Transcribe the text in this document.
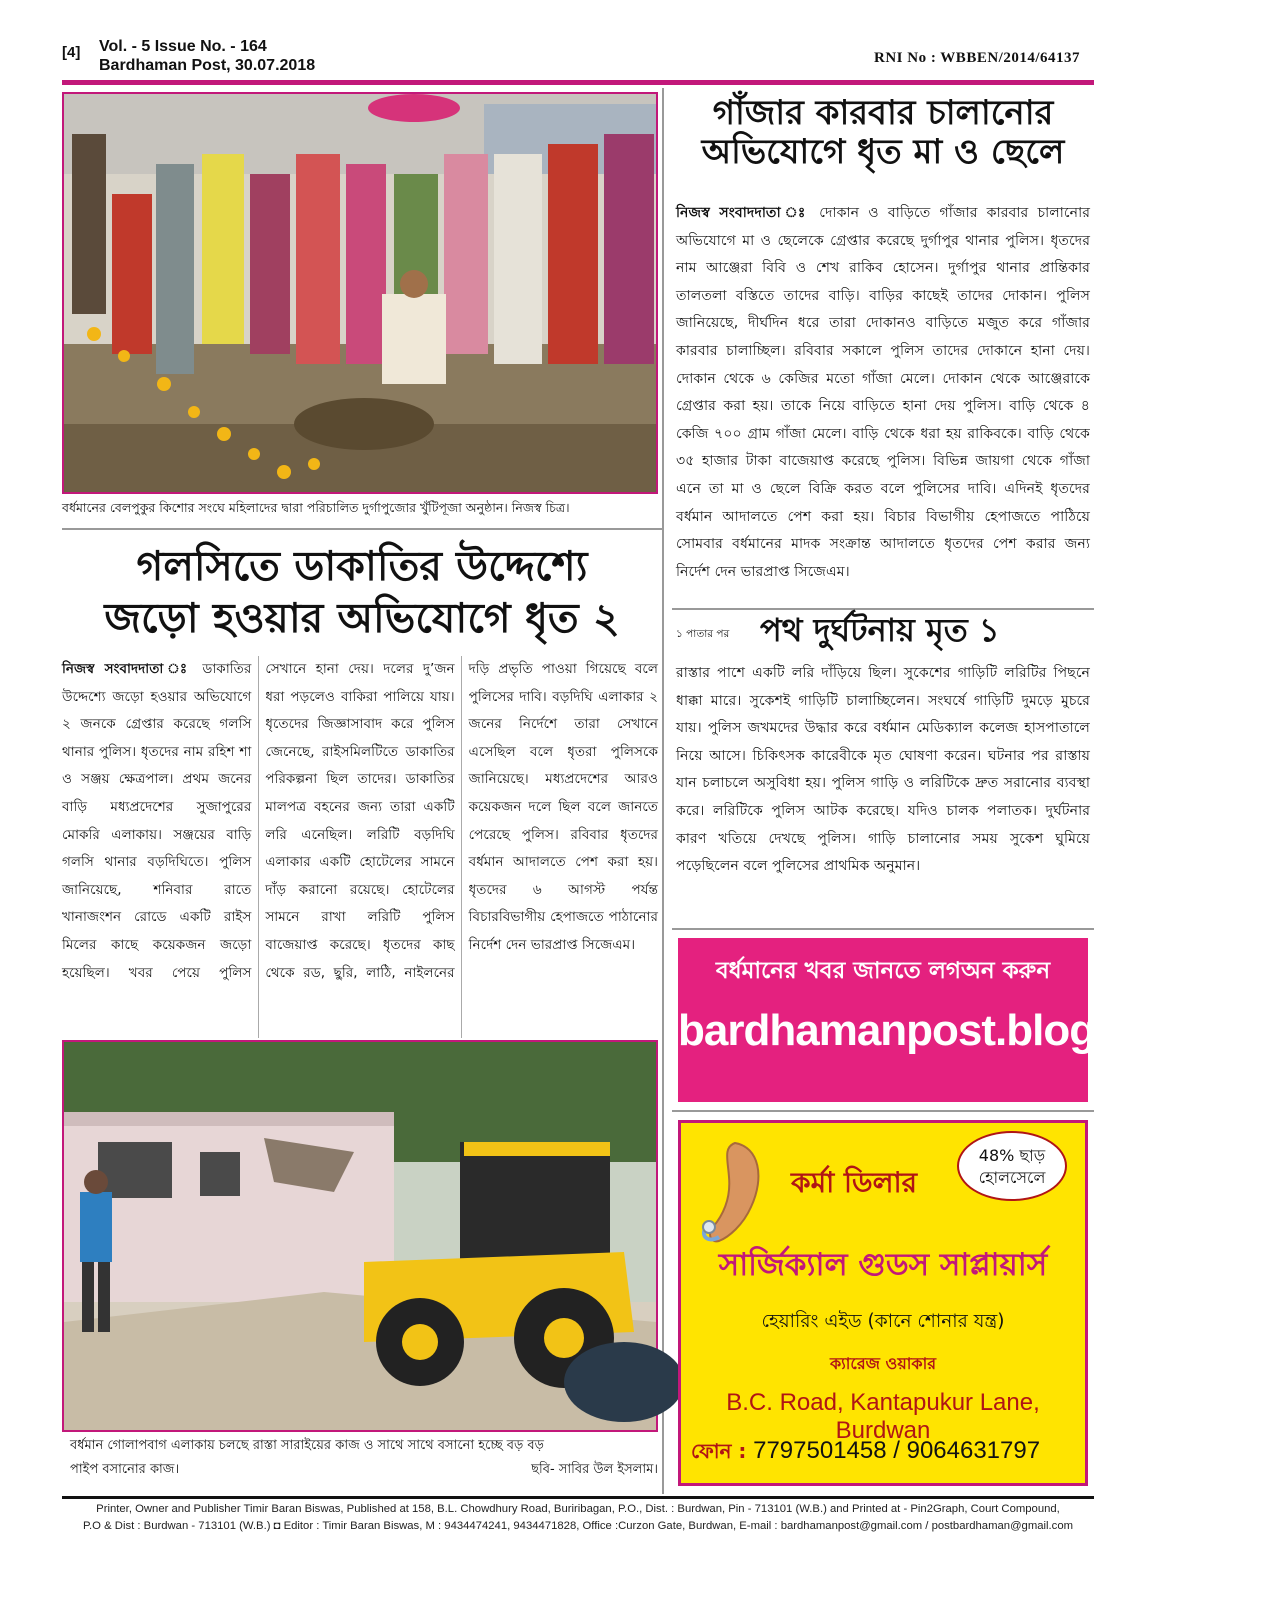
[4] Vol. - 5 Issue No. - 164
Bardhaman Post, 30.07.2018	RNI No : WBBEN/2014/64137
বর্ধমানের বেলপুকুর কিশোর সংঘে মহিলাদের দ্বারা পরিচালিত দুর্গাপুজোর খুঁটিপূজা অনুষ্ঠান। নিজস্ব চিত্র।
গাঁজার কারবার চালানোর
অভিযোগে ধৃত মা ও ছেলে
নিজস্ব সংবাদদাতা ঃ দোকান ও বাড়িতে গাঁজার কারবার চালানোর অভিযোগে মা ও ছেলেকে গ্রেপ্তার করেছে দুর্গাপুর থানার পুলিস। ধৃতদের নাম আঞ্জেরা বিবি ও শেখ রাকিব হোসেন। দুর্গাপুর থানার প্রান্তিকার তালতলা বস্তিতে তাদের বাড়ি। বাড়ির কাছেই তাদের দোকান। পুলিস জানিয়েছে, দীর্ঘদিন ধরে তারা দোকানও বাড়িতে মজুত করে গাঁজার কারবার চালাচ্ছিল। রবিবার সকালে পুলিস তাদের দোকানে হানা দেয়। দোকান থেকে ৬ কেজির মতো গাঁজা মেলে। দোকান থেকে আঞ্জেরাকে গ্রেপ্তার করা হয়। তাকে নিয়ে বাড়িতে হানা দেয় পুলিস। বাড়ি থেকে ৪ কেজি ৭০০ গ্রাম গাঁজা মেলে। বাড়ি থেকে ধরা হয় রাকিবকে। বাড়ি থেকে ৩৫ হাজার টাকা বাজেয়াপ্ত করেছে পুলিস। বিভিন্ন জায়গা থেকে গাঁজা এনে তা মা ও ছেলে বিক্রি করত বলে পুলিসের দাবি। এদিনই ধৃতদের বর্ধমান আদালতে পেশ করা হয়। বিচার বিভাগীয় হেপাজতে পাঠিয়ে সোমবার বর্ধমানের মাদক সংক্রান্ত আদালতে ধৃতদের পেশ করার জন্য নির্দেশ দেন ভারপ্রাপ্ত সিজেএম।
গলসিতে ডাকাতির উদ্দেশ্যে
জড়ো হওয়ার অভিযোগে ধৃত ২
নিজস্ব সংবাদদাতা ঃ ডাকাতির উদ্দেশ্যে জড়ো হওয়ার অভিযোগে ২ জনকে গ্রেপ্তার করেছে গলসি থানার পুলিস। ধৃতদের নাম রহিশ শা ও সঞ্জয় ক্ষেত্রপাল। প্রথম জনের বাড়ি মধ্যপ্রদেশের সুজাপুরের মোকরি এলাকায়। সঞ্জয়ের বাড়ি গলসি থানার বড়দিঘিতে। পুলিস জানিয়েছে, শনিবার রাতে খানাজংশন রোডে একটি রাইস মিলের কাছে কয়েকজন জড়ো হয়েছিল। খবর পেয়ে পুলিস সেখানে হানা দেয়। দলের দু’জন ধরা পড়লেও বাকিরা পালিয়ে যায়। ধৃতেদের জিজ্ঞাসাবাদ করে পুলিস জেনেছে, রাইসমিলটিতে ডাকাতির পরিকল্পনা ছিল তাদের। ডাকাতির মালপত্র বহনের জন্য তারা একটি লরি এনেছিল। লরিটি বড়দিঘি এলাকার একটি হোটেলের সামনে দাঁড় করানো রয়েছে। হোটেলের সামনে রাখা লরিটি পুলিস বাজেয়াপ্ত করেছে। ধৃতদের কাছ থেকে রড, ছুরি, লাঠি, নাইলনের দড়ি প্রভৃতি পাওয়া গিয়েছে বলে পুলিসের দাবি। বড়দিঘি এলাকার ২ জনের নির্দেশে তারা সেখানে এসেছিল বলে ধৃতরা পুলিসকে জানিয়েছে। মধ্যপ্রদেশের আরও কয়েকজন দলে ছিল বলে জানতে পেরেছে পুলিস। রবিবার ধৃতদের বর্ধমান আদালতে পেশ করা হয়। ধৃতদের ৬ আগস্ট পর্যন্ত বিচারবিভাগীয় হেপাজতে পাঠানোর নির্দেশ দেন ভারপ্রাপ্ত সিজেএম।
১ পাতার পর পথ দুর্ঘটনায় মৃত ১
রাস্তার পাশে একটি লরি দাঁড়িয়ে ছিল। সুকেশের গাড়িটি লরিটির পিছনে ধাক্কা মারে। সুকেশই গাড়িটি চালাচ্ছিলেন। সংঘর্ষে গাড়িটি দুমড়ে মুচরে যায়। পুলিস জখমদের উদ্ধার করে বর্ধমান মেডিক্যাল কলেজ হাসপাতালে নিয়ে আসে। চিকিৎসক কারেবীকে মৃত ঘোষণা করেন। ঘটনার পর রাস্তায় যান চলাচলে অসুবিধা হয়। পুলিস গাড়ি ও লরিটিকে দ্রুত সরানোর ব্যবস্থা করে। লরিটিকে পুলিস আটক করেছে। যদিও চালক পলাতক। দুর্ঘটনার কারণ খতিয়ে দেখছে পুলিস। গাড়ি চালানোর সময় সুকেশ ঘুমিয়ে পড়েছিলেন বলে পুলিসের প্রাথমিক অনুমান।
বর্ধমান গোলাপবাগ এলাকায় চলছে রাস্তা সারাইয়ের কাজ ও সাথে সাথে বসানো হচ্ছে বড় বড়
পাইপ বসানোর কাজ।	ছবি- সাবির উল ইসলাম।
বর্ধমানের খবর জানতে লগঅন করুন
bardhamanpost.blogspot.com
কর্মা ডিলার
48% ছাড়
হোলসেলে
সার্জিক্যাল গুডস সাপ্লায়ার্স
হেয়ারিং এইড (কানে শোনার যন্ত্র)
ক্যারেজ ওয়াকার
B.C. Road, Kantapukur Lane, Burdwan
ফোন : 7797501458 / 9064631797
Printer, Owner and Publisher Timir Baran Biswas, Published at 158, B.L. Chowdhury Road, Buriribagan, P.O., Dist. : Burdwan, Pin - 713101 (W.B.) and Printed at - Pin2Graph, Court Compound,
P.O & Dist : Burdwan - 713101 (W.B.) ◘ Editor : Timir Baran Biswas, M : 9434474241, 9434471828, Office :Curzon Gate, Burdwan, E-mail : bardhamanpost@gmail.com / postbardhaman@gmail.com
